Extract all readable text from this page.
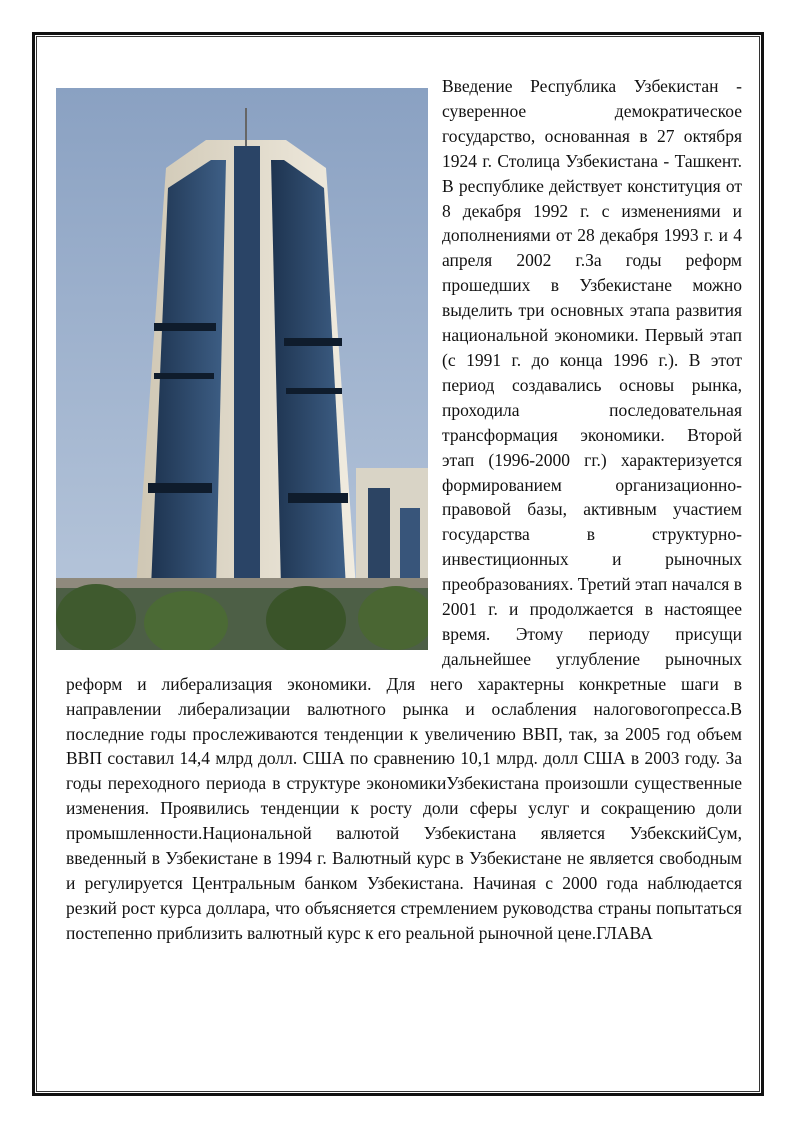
Введение Республика Узбекистан - суверенное демократическое государство, основанная в 27 октября 1924 г. Столица Узбекистана - Ташкент. В республике действует конституция от 8 декабря 1992 г. с изменениями и дополнениями от 28 декабря 1993 г. и 4 апреля 2002 г.За годы реформ прошедших в Узбекистане можно выделить три основных этапа развития национальной экономики. Первый этап (с 1991 г. до конца 1996 г.). В этот период создавались основы рынка, проходила последовательная трансформация экономики. Второй этап (1996-2000 гг.) характеризуется формированием организационно-правовой базы, активным участием государства в структурно-инвестиционных и рыночных преобразованиях. Третий этап начался в 2001 г. и продолжается в настоящее время. Этому периоду присущи дальнейшее углубление рыночных реформ и либерализация экономики. Для него характерны конкретные шаги в направлении либерализации валютного рынка и ослабления налоговогопресса.В последние годы прослеживаются тенденции к увеличению ВВП, так, за 2005 год объем ВВП составил 14,4 млрд долл. США по сравнению 10,1 млрд. долл США в 2003 году. За годы переходного периода в структуре экономикиУзбекистана произошли существенные изменения. Проявились тенденции к росту доли сферы услуг и сокращению доли промышленности.Национальной валютой Узбекистана является УзбекскийСум, введенный в Узбекистане в 1994 г. Валютный курс в Узбекистане не является свободным и регулируется Центральным банком Узбекистана. Начиная с 2000 года наблюдается резкий рост курса доллара, что объясняется стремлением руководства страны попытаться постепенно приблизить валютный курс к его реальной рыночной цене.ГЛАВА
